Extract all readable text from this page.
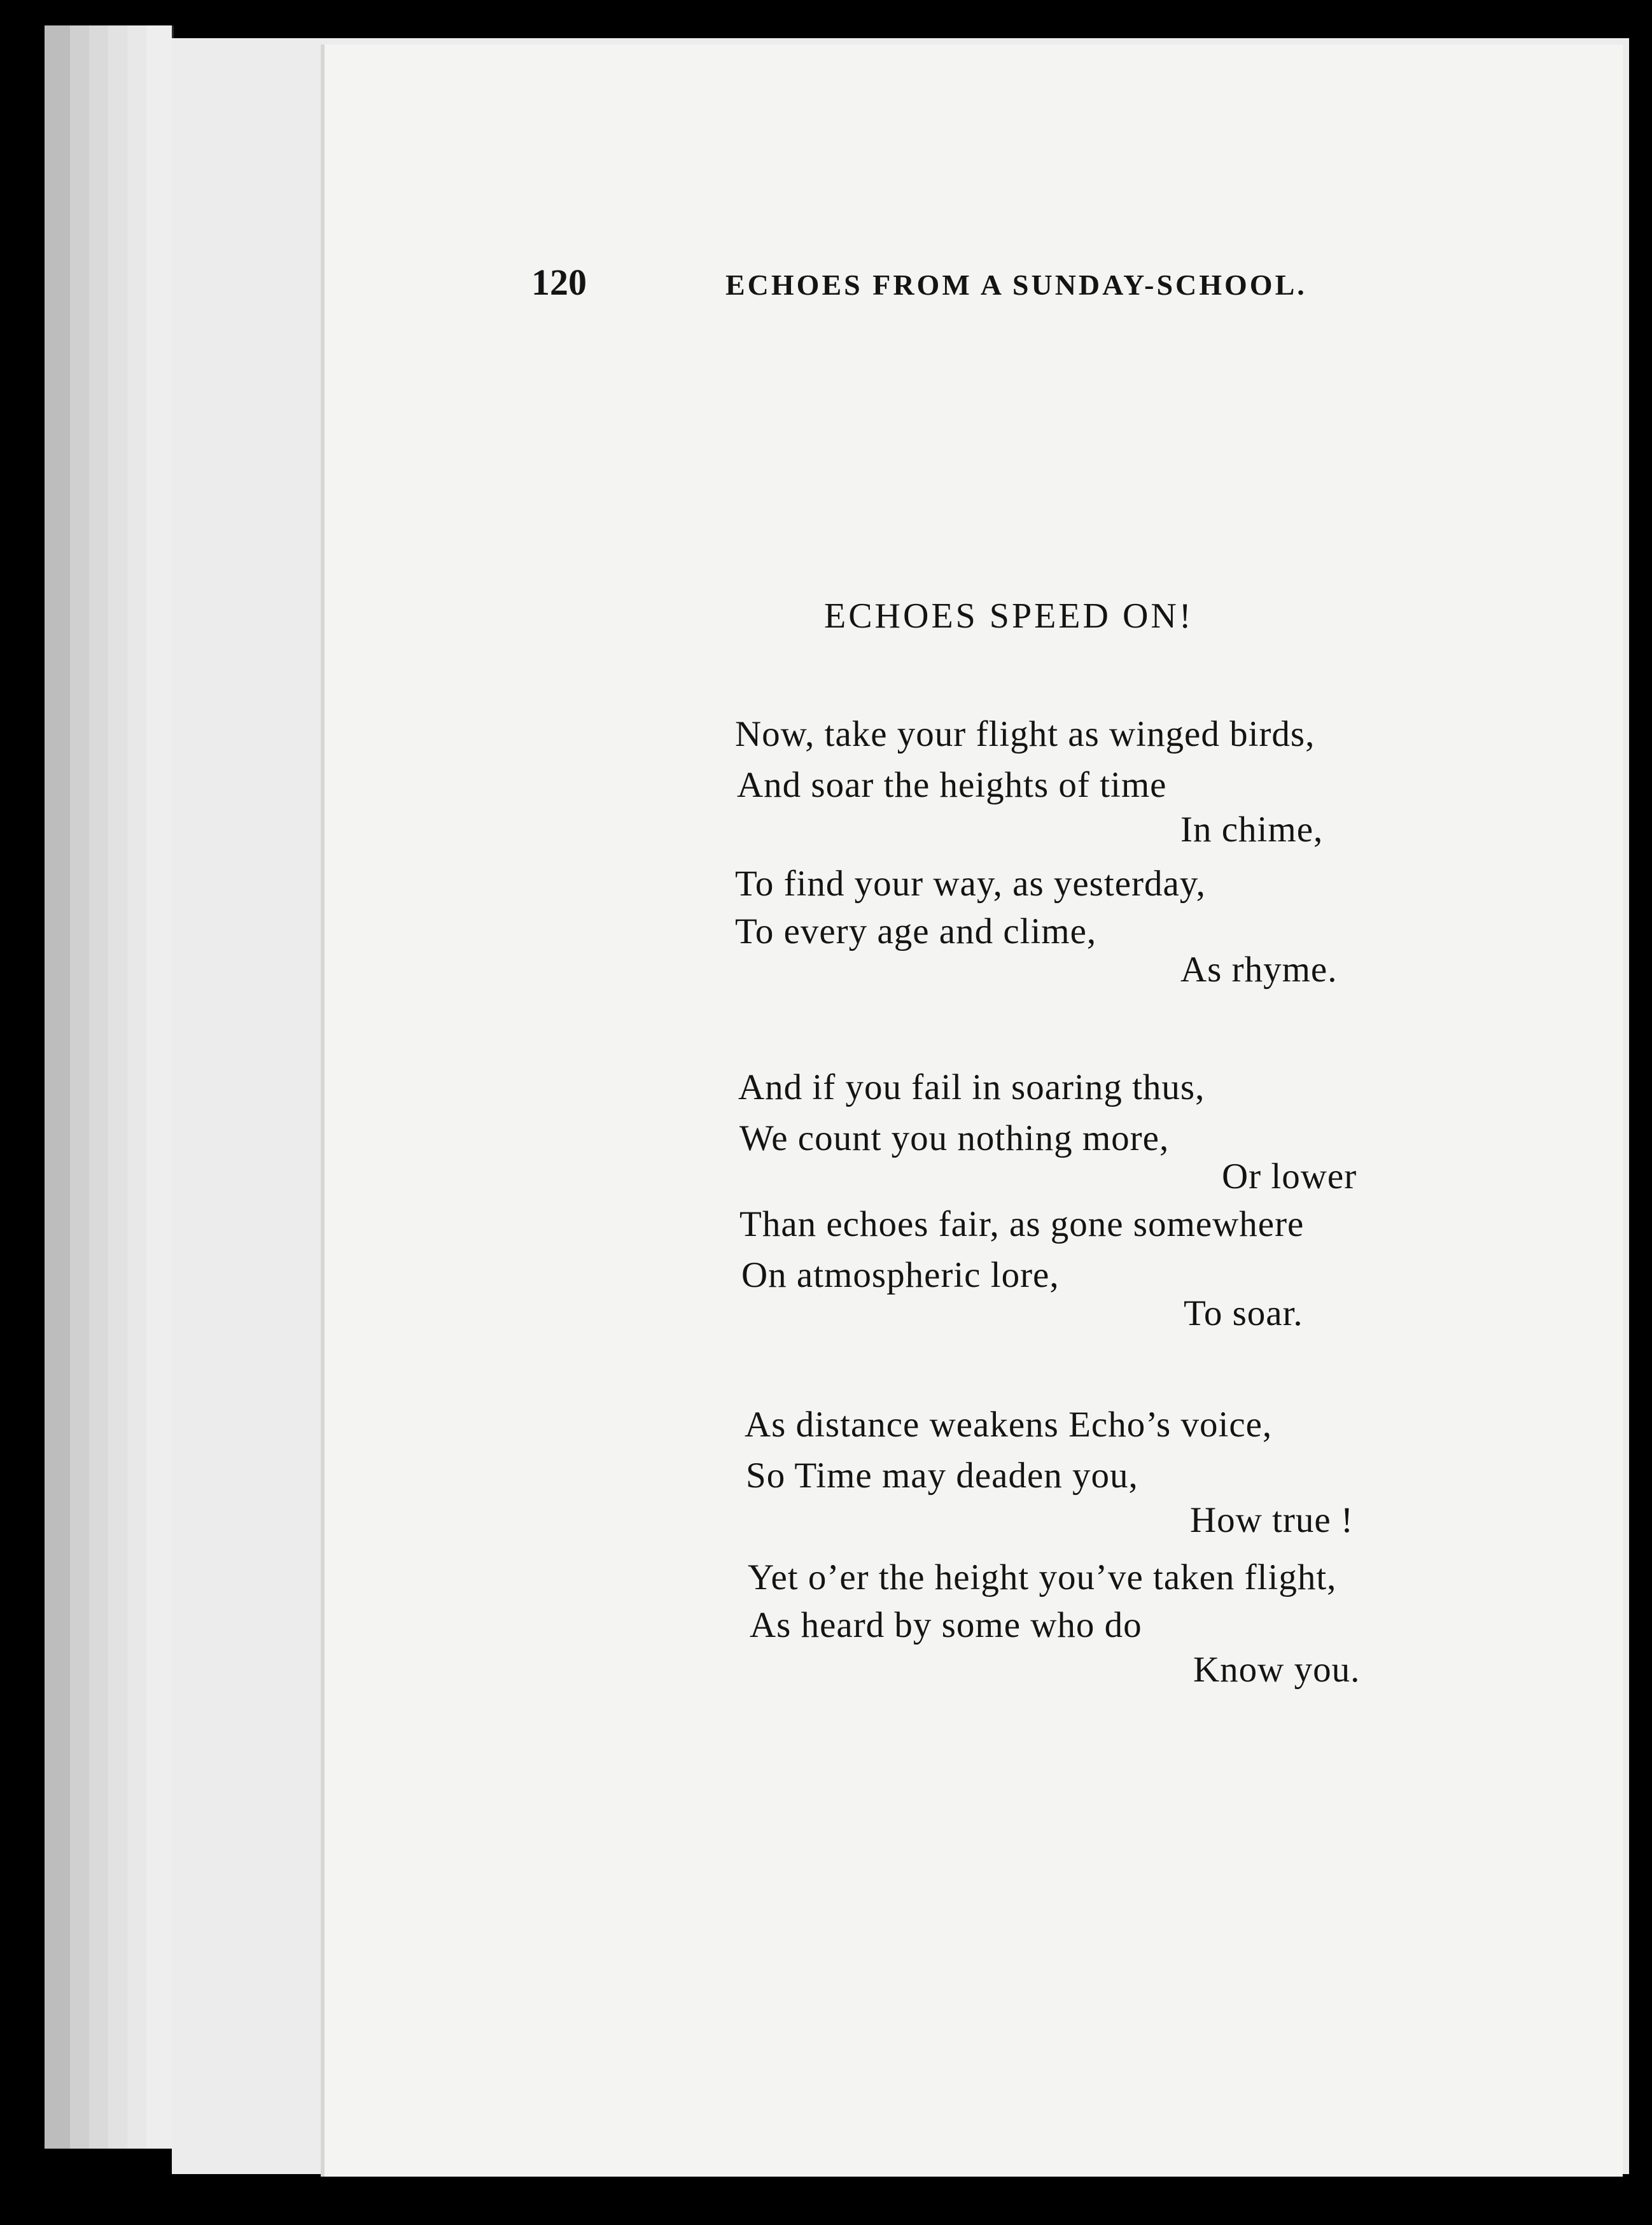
120	ECHOES FROM A SUNDAY-SCHOOL.

ECHOES SPEED ON!

Now, take your flight as winged birds,

And soar the heights of time

In chime,

To find your way, as yesterday,

To every age and clime,

As rhyme.

And if you fail in soaring thus,

We count you nothing more,

Or lower

Than echoes fair, as gone somewhere

On atmospheric lore,

To soar.

As distance weakens Echo’s voice,

So Time may deaden you,

How true !

Yet o’er the height you’ve taken flight,

As heard by some who do

Know you.
